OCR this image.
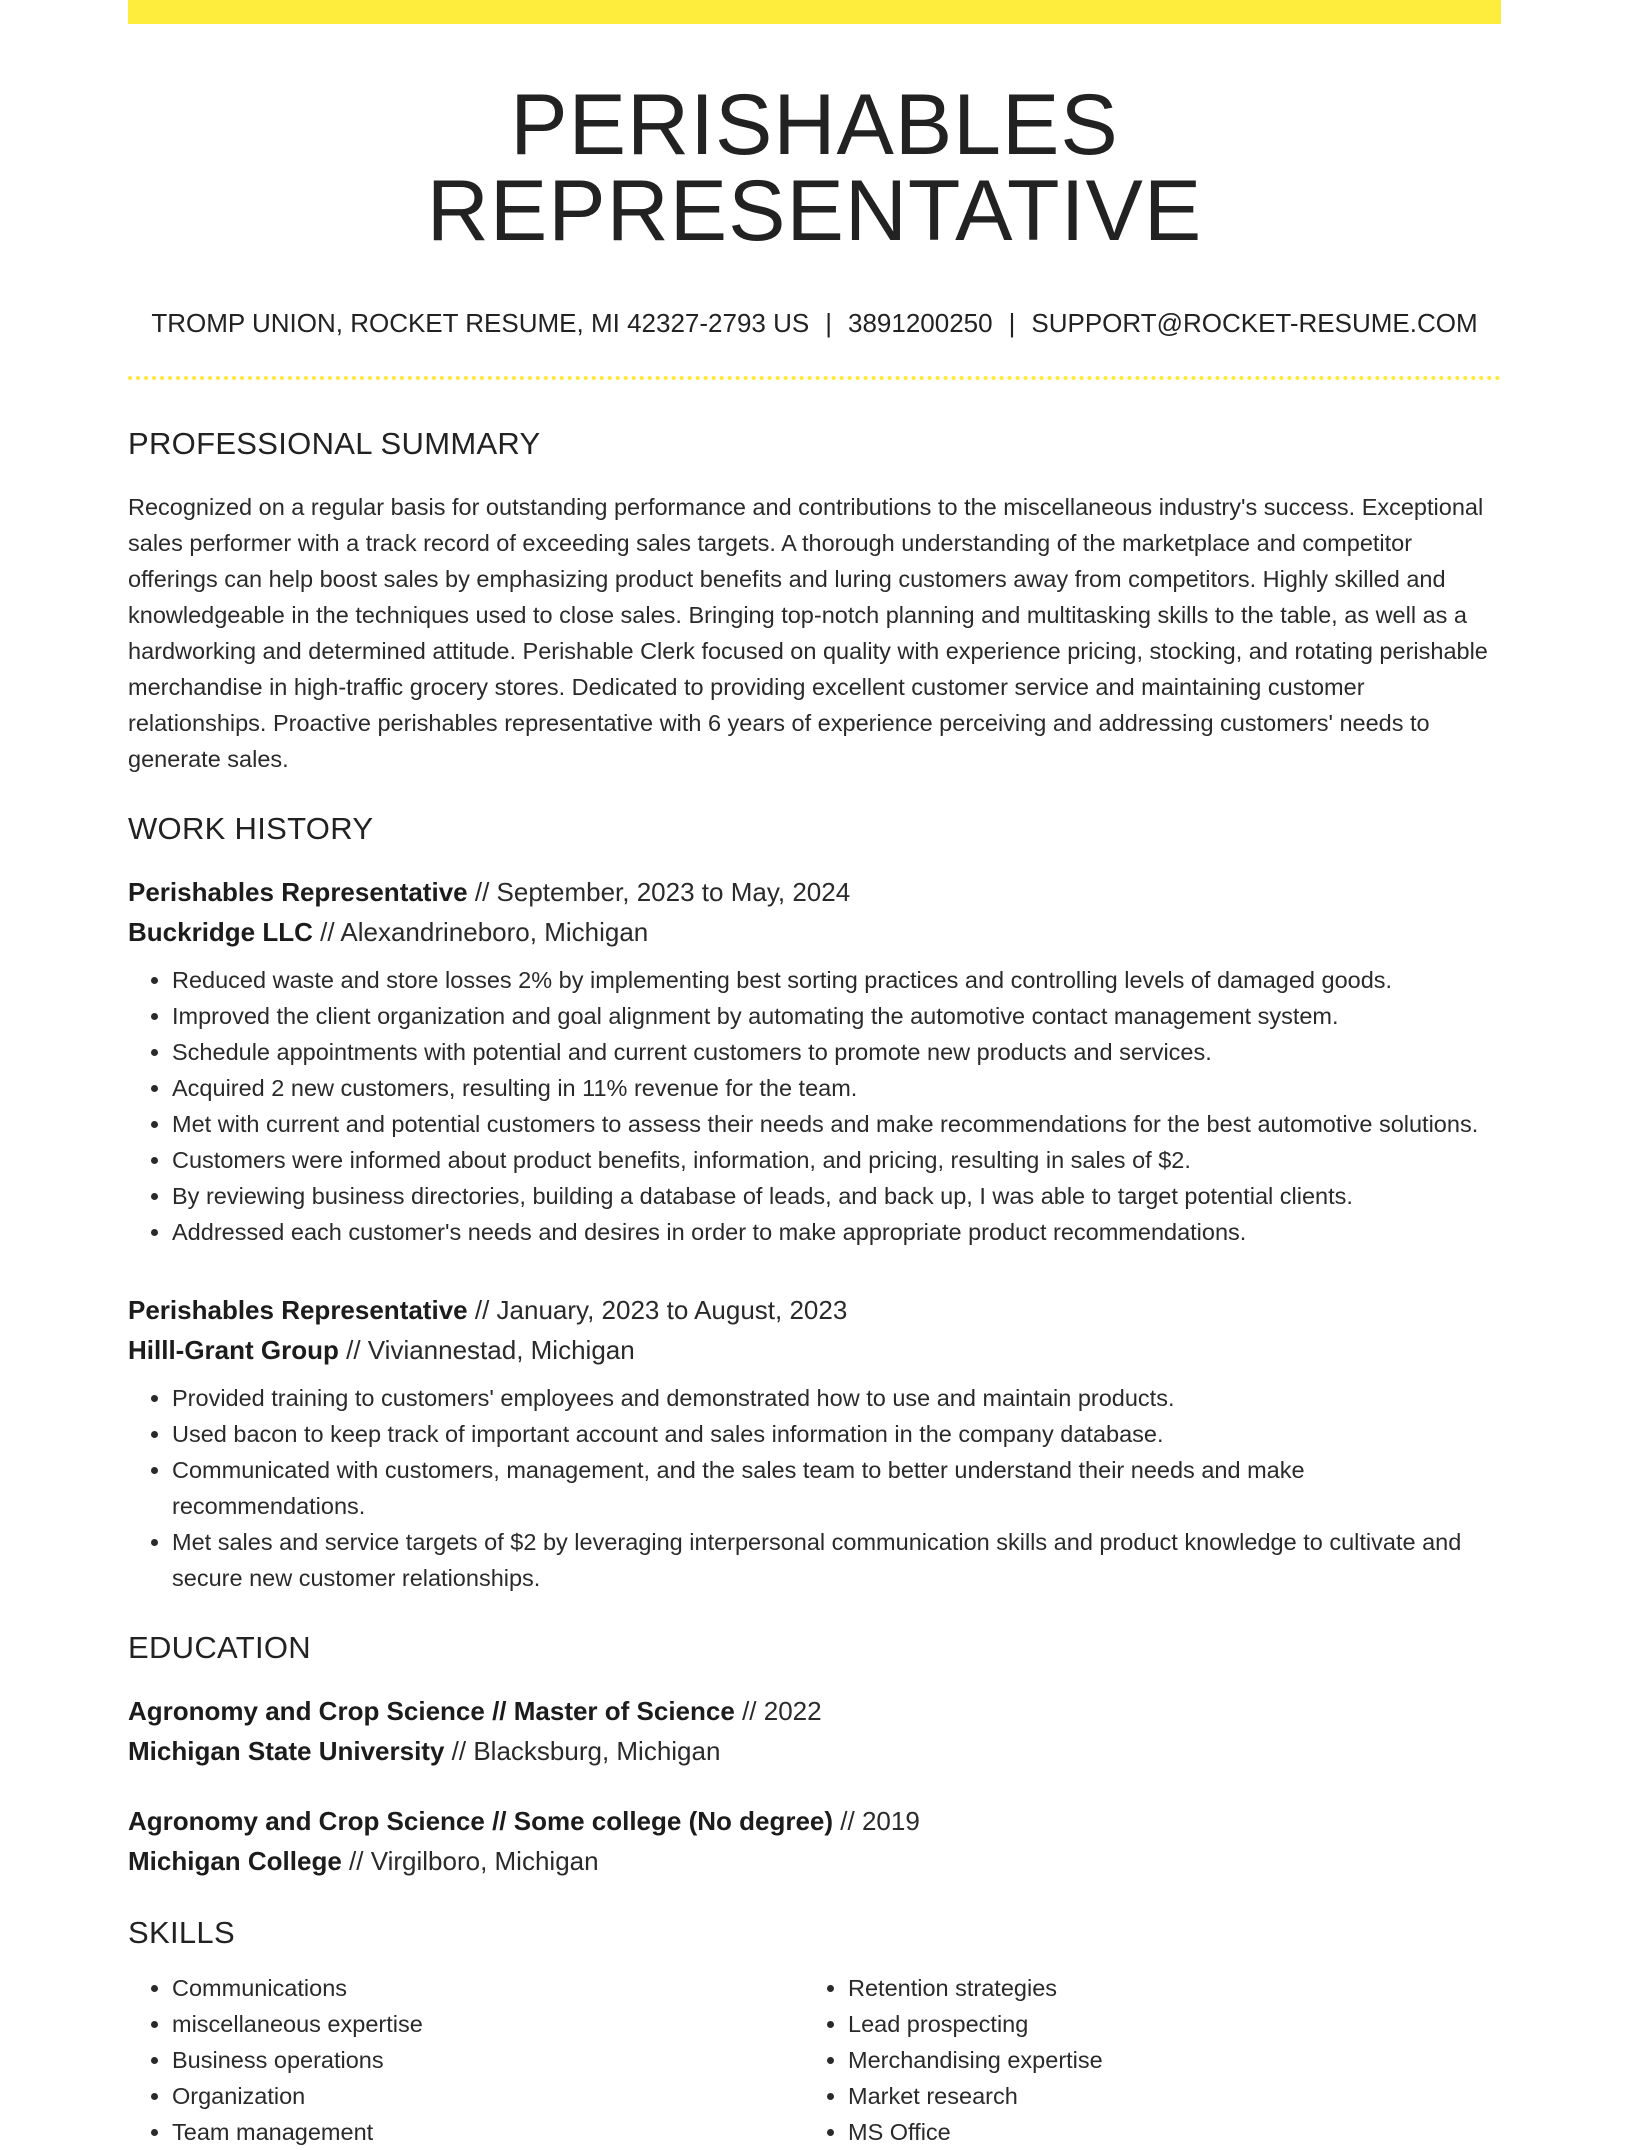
PERISHABLES REPRESENTATIVE
TROMP UNION, ROCKET RESUME, MI 42327-2793 US | 3891200250 | SUPPORT@ROCKET-RESUME.COM
PROFESSIONAL SUMMARY

Recognized on a regular basis for outstanding performance and contributions to the miscellaneous industry's success. Exceptional sales performer with a track record of exceeding sales targets. A thorough understanding of the marketplace and competitor offerings can help boost sales by emphasizing product benefits and luring customers away from competitors. Highly skilled and knowledgeable in the techniques used to close sales. Bringing top-notch planning and multitasking skills to the table, as well as a hardworking and determined attitude. Perishable Clerk focused on quality with experience pricing, stocking, and rotating perishable merchandise in high-traffic grocery stores. Dedicated to providing excellent customer service and maintaining customer relationships. Proactive perishables representative with 6 years of experience perceiving and addressing customers' needs to generate sales.

WORK HISTORY
Perishables Representative // September, 2023 to May, 2024
Buckridge LLC // Alexandrineboro, Michigan
• Reduced waste and store losses 2% by implementing best sorting practices and controlling levels of damaged goods.
• Improved the client organization and goal alignment by automating the automotive contact management system.
• Schedule appointments with potential and current customers to promote new products and services.
• Acquired 2 new customers, resulting in 11% revenue for the team.
• Met with current and potential customers to assess their needs and make recommendations for the best automotive solutions.
• Customers were informed about product benefits, information, and pricing, resulting in sales of $2.
• By reviewing business directories, building a database of leads, and back up, I was able to target potential clients.
• Addressed each customer's needs and desires in order to make appropriate product recommendations.
Perishables Representative // January, 2023 to August, 2023
Hilll-Grant Group // Viviannestad, Michigan
• Provided training to customers' employees and demonstrated how to use and maintain products.
• Used bacon to keep track of important account and sales information in the company database.
• Communicated with customers, management, and the sales team to better understand their needs and make recommendations.
• Met sales and service targets of $2 by leveraging interpersonal communication skills and product knowledge to cultivate and secure new customer relationships.
EDUCATION
Agronomy and Crop Science // Master of Science // 2022
Michigan State University // Blacksburg, Michigan
Agronomy and Crop Science // Some college (No degree) // 2019
Michigan College // Virgilboro, Michigan
SKILLS
• Communications
• miscellaneous expertise
• Business operations
• Organization
• Team management
• Retention strategies
• Lead prospecting
• Merchandising expertise
• Market research
• MS Office
